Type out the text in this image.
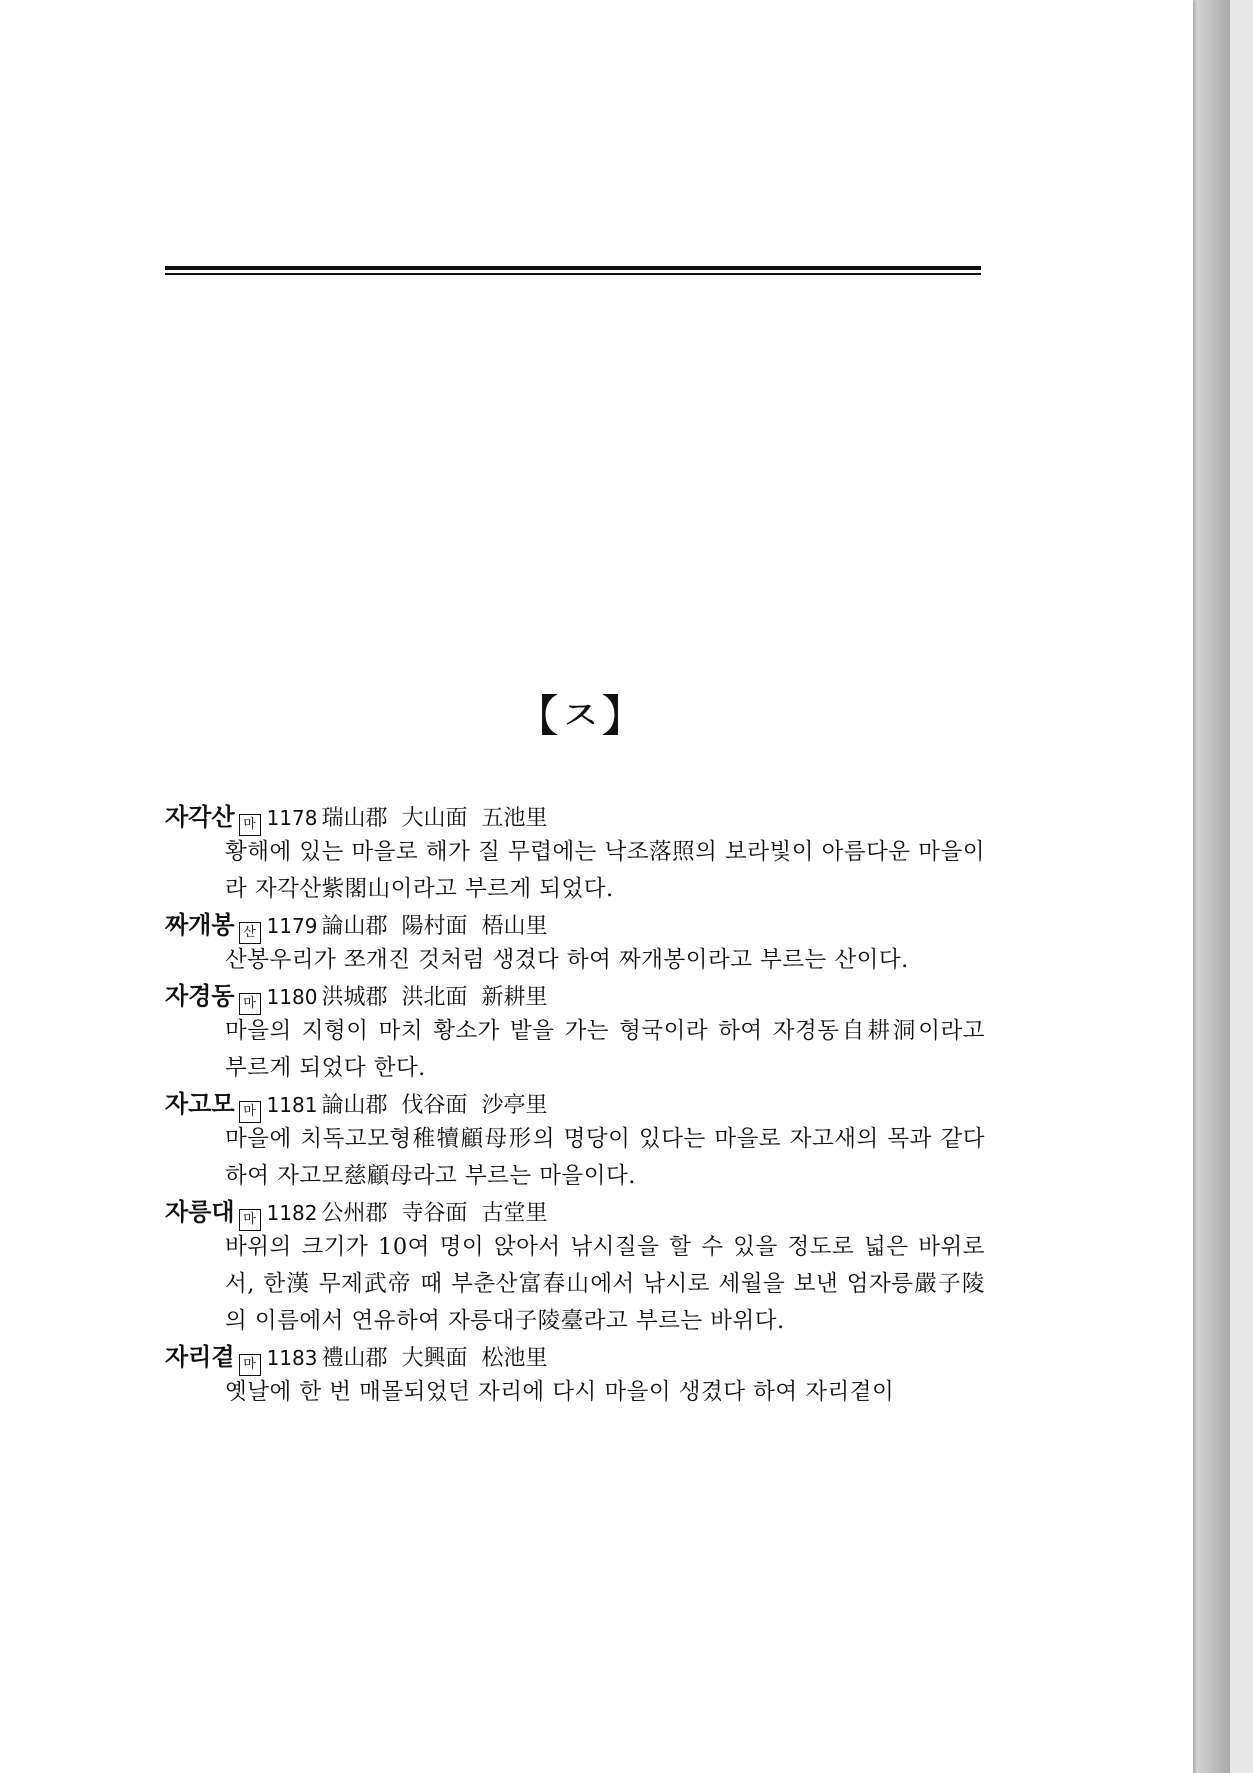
【ㅈ】
자각산 마 1178 瑞山郡 大山面 五池里
황해에 있는 마을로 해가 질 무렵에는 낙조落照의 보라빛이 아름다운 마을이라 자각산紫閣山이라고 부르게 되었다.
짜개봉 산 1179 論山郡 陽村面 梧山里
산봉우리가 쪼개진 것처럼 생겼다 하여 짜개봉이라고 부르는 산이다.
자경동 마 1180 洪城郡 洪北面 新耕里
마을의 지형이 마치 황소가 밭을 가는 형국이라 하여 자경동自耕洞이라고 부르게 되었다 한다.
자고모 마 1181 論山郡 伐谷面 沙亭里
마을에 치독고모형稚犢顧母形의 명당이 있다는 마을로 자고새의 목과 같다 하여 자고모慈顧母라고 부르는 마을이다.
자릉대 마 1182 公州郡 寺谷面 古堂里
바위의 크기가 10여 명이 앉아서 낚시질을 할 수 있을 정도로 넓은 바위로서, 한漢 무제武帝 때 부춘산富春山에서 낚시로 세월을 보낸 엄자릉嚴子陵의 이름에서 연유하여 자릉대子陵臺라고 부르는 바위다.
자리곁 마 1183 禮山郡 大興面 松池里
옛날에 한 번 매몰되었던 자리에 다시 마을이 생겼다 하여 자리곁이
